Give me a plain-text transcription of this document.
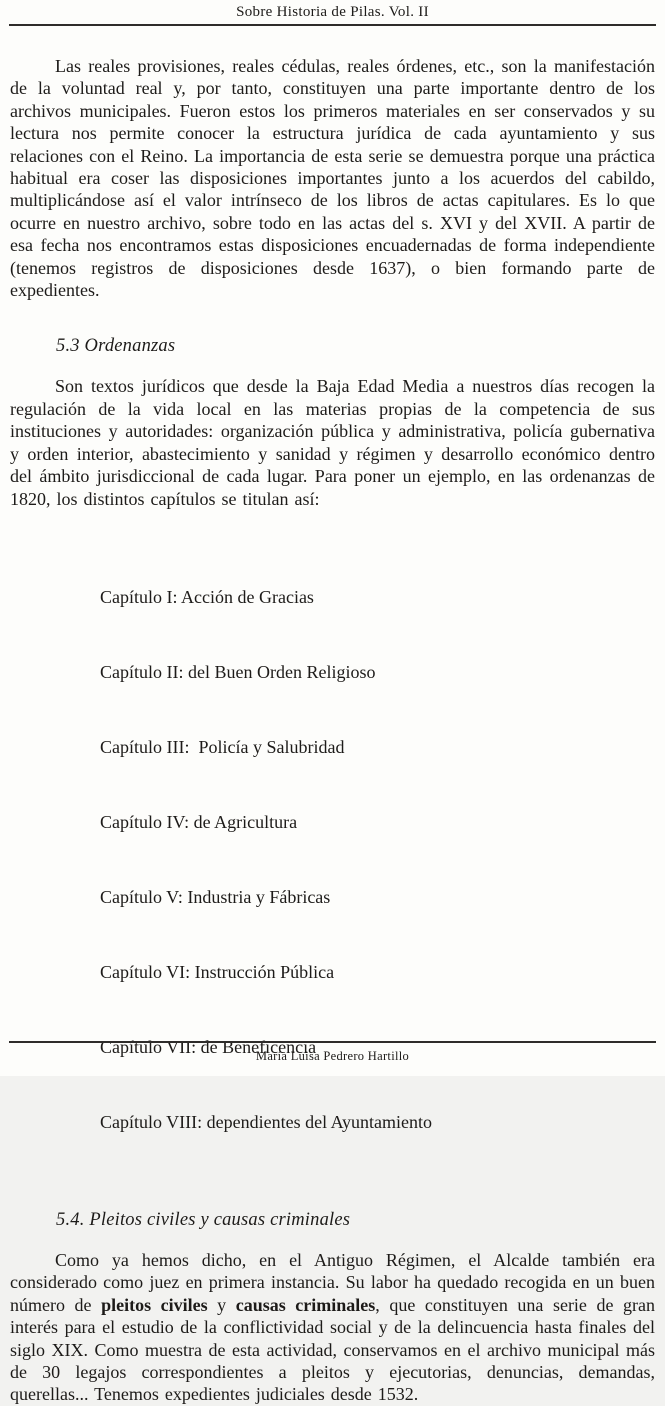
Sobre Historia de Pilas. Vol. II

Las reales provisiones, reales cédulas, reales órdenes, etc., son la manifestación de la voluntad real y, por tanto, constituyen una parte importante dentro de los archivos municipales. Fueron estos los primeros materiales en ser conservados y su lectura nos permite conocer la estructura jurídica de cada ayuntamiento y sus relaciones con el Reino. La importancia de esta serie se demuestra porque una práctica habitual era coser las disposiciones importantes junto a los acuerdos del cabildo, multiplicándose así el valor intrínseco de los libros de actas capitulares. Es lo que ocurre en nuestro archivo, sobre todo en las actas del s. XVI y del XVII. A partir de esa fecha nos encontramos estas disposiciones encuadernadas de forma independiente (tenemos registros de disposiciones desde 1637), o bien formando parte de expedientes.

5.3 Ordenanzas

Son textos jurídicos que desde la Baja Edad Media a nuestros días recogen la regulación de la vida local en las materias propias de la competencia de sus instituciones y autoridades: organización pública y administrativa, policía gubernativa y orden interior, abastecimiento y sanidad y régimen y desarrollo económico dentro del ámbito jurisdiccional de cada lugar. Para poner un ejemplo, en las ordenanzas de 1820, los distintos capítulos se titulan así:

Capítulo I: Acción de Gracias

Capítulo II: del Buen Orden Religioso

Capítulo III:  Policía y Salubridad

Capítulo IV: de Agricultura

Capítulo V: Industria y Fábricas

Capítulo VI: Instrucción Pública

Capítulo VII: de Beneficencia

Capítulo VIII: dependientes del Ayuntamiento

5.4. Pleitos civiles y causas criminales

Como ya hemos dicho, en el Antiguo Régimen, el Alcalde también era considerado como juez en primera instancia. Su labor ha quedado recogida en un buen número de pleitos civiles y causas criminales, que constituyen una serie de gran interés para el estudio de la conflictividad social y de la delincuencia hasta finales del siglo XIX. Como muestra de esta actividad, conservamos en el archivo municipal más de 30 legajos correspondientes a pleitos y ejecutorias, denuncias, demandas, querellas... Tenemos expedientes judiciales desde 1532.

María Luisa Pedrero Hartillo
